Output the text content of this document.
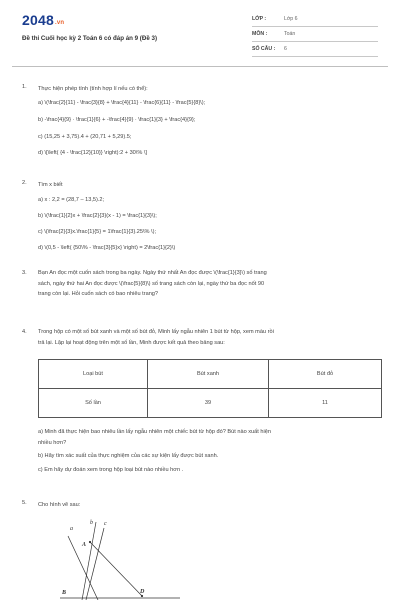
2048.vn
Đề thi Cuối học kỳ 2 Toán 6 có đáp án 9 (Đề 3)
LỚP :	Lớp 6
MÔN :	Toán
SỐ CÂU : 6
1.	Thực hiện phép tính (tính hợp lí nếu có thể):
a) \(\frac{2}{11} - \frac{3}{8} + \frac{4}{11} - \frac{6}{11} - \frac{5}{8}\);
b) -\frac{4}{9} · \frac{1}{6} + -\frac{4}{9} · \frac{1}{3} + \frac{4}{9};
c) (15,25 + 3,75).4 + (20,71 + 5,29).5;
d) \[\left( {4 - \frac{12}{10}} \right):2 + 30\% \]
2.	Tìm x biết
a) x : 2,2 = (28,7 – 13,5).2;
b) \(\frac{1}{2}x + \frac{2}{3}(x - 1) = \frac{1}{3}\);
c) \(\frac{2}{3}x.\frac{1}{5} = 1\frac{1}{3}.25\% \);
d) \(0,5 - \left( {50\% - \frac{3}{5}x} \right) = 2\frac{1}{2}\)
3.	Bạn An đọc một cuốn sách trong ba ngày. Ngày thứ nhất An đọc được \(\frac{1}{3}\) số trang
sách, ngày thứ hai An đọc được \(\frac{5}{8}\) số trang sách còn lại, ngày thứ ba đọc nốt 90
trang còn lại. Hỏi cuốn sách có bao nhiêu trang?
4.	Trong hộp có một số bút xanh và một số bút đỏ, Minh lấy ngẫu nhiên 1 bút từ hộp, xem màu rồi
trả lại. Lặp lại hoạt động trên một số lần, Minh được kết quả theo bảng sau:
Loại bút	Bút xanh	Bút đỏ
Số lần	39	11
a) Minh đã thực hiện bao nhiêu lần lấy ngẫu nhiên một chiếc bút từ hộp đó? Bút nào xuất hiện
nhiều hơn?
b) Hãy tìm xác suất của thực nghiệm của các sự kiện lấy được bút xanh.
c) Em hãy dự đoán xem trong hộp loại bút nào nhiều hơn .
5.	Cho hình vẽ sau:
a
b c
A
B	D
